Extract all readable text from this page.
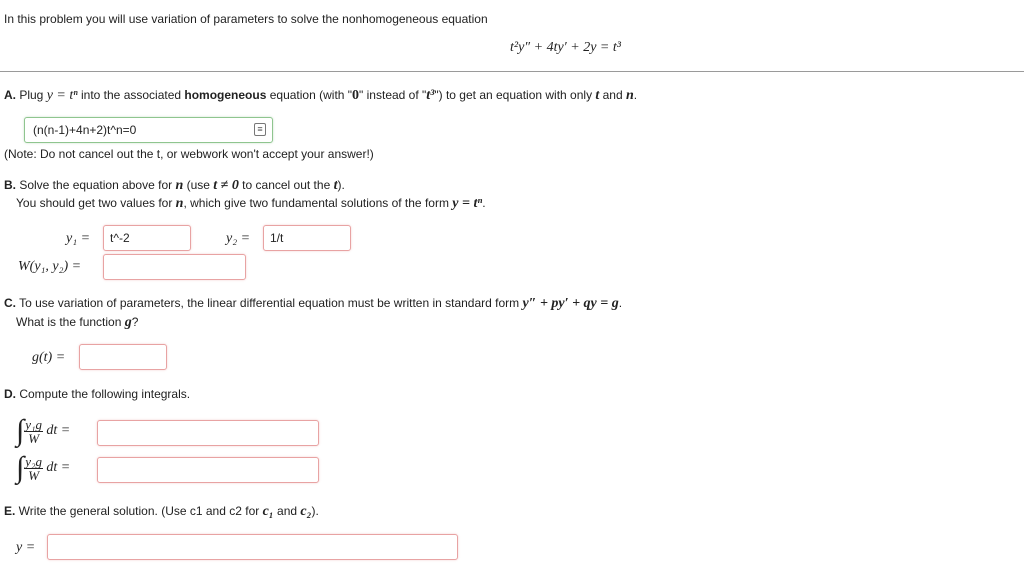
In this problem you will use variation of parameters to solve the nonhomogeneous equation
t²y″ + 4ty′ + 2y = t³
A. Plug y = tⁿ into the associated homogeneous equation (with "0" instead of "t³") to get an equation with only t and n.
(n(n-1)+4n+2)t^n=0	≡
(Note: Do not cancel out the t, or webwork won't accept your answer!)
B. Solve the equation above for n (use t ≠ 0 to cancel out the t).
You should get two values for n, which give two fundamental solutions of the form y = tⁿ.
y₁ =	t^-2	y₂ =	1/t
W(y₁, y₂) =
C. To use variation of parameters, the linear differential equation must be written in standard form y″ + py′ + qy = g.
What is the function g?
g(t) =
D. Compute the following integrals.
∫ $\frac{\text{y₁g}}{W}$ dt =
∫ $\frac{\text{y₂g}}{W}$ dt =
E. Write the general solution. (Use c1 and c2 for c₁ and c₂).
y =
